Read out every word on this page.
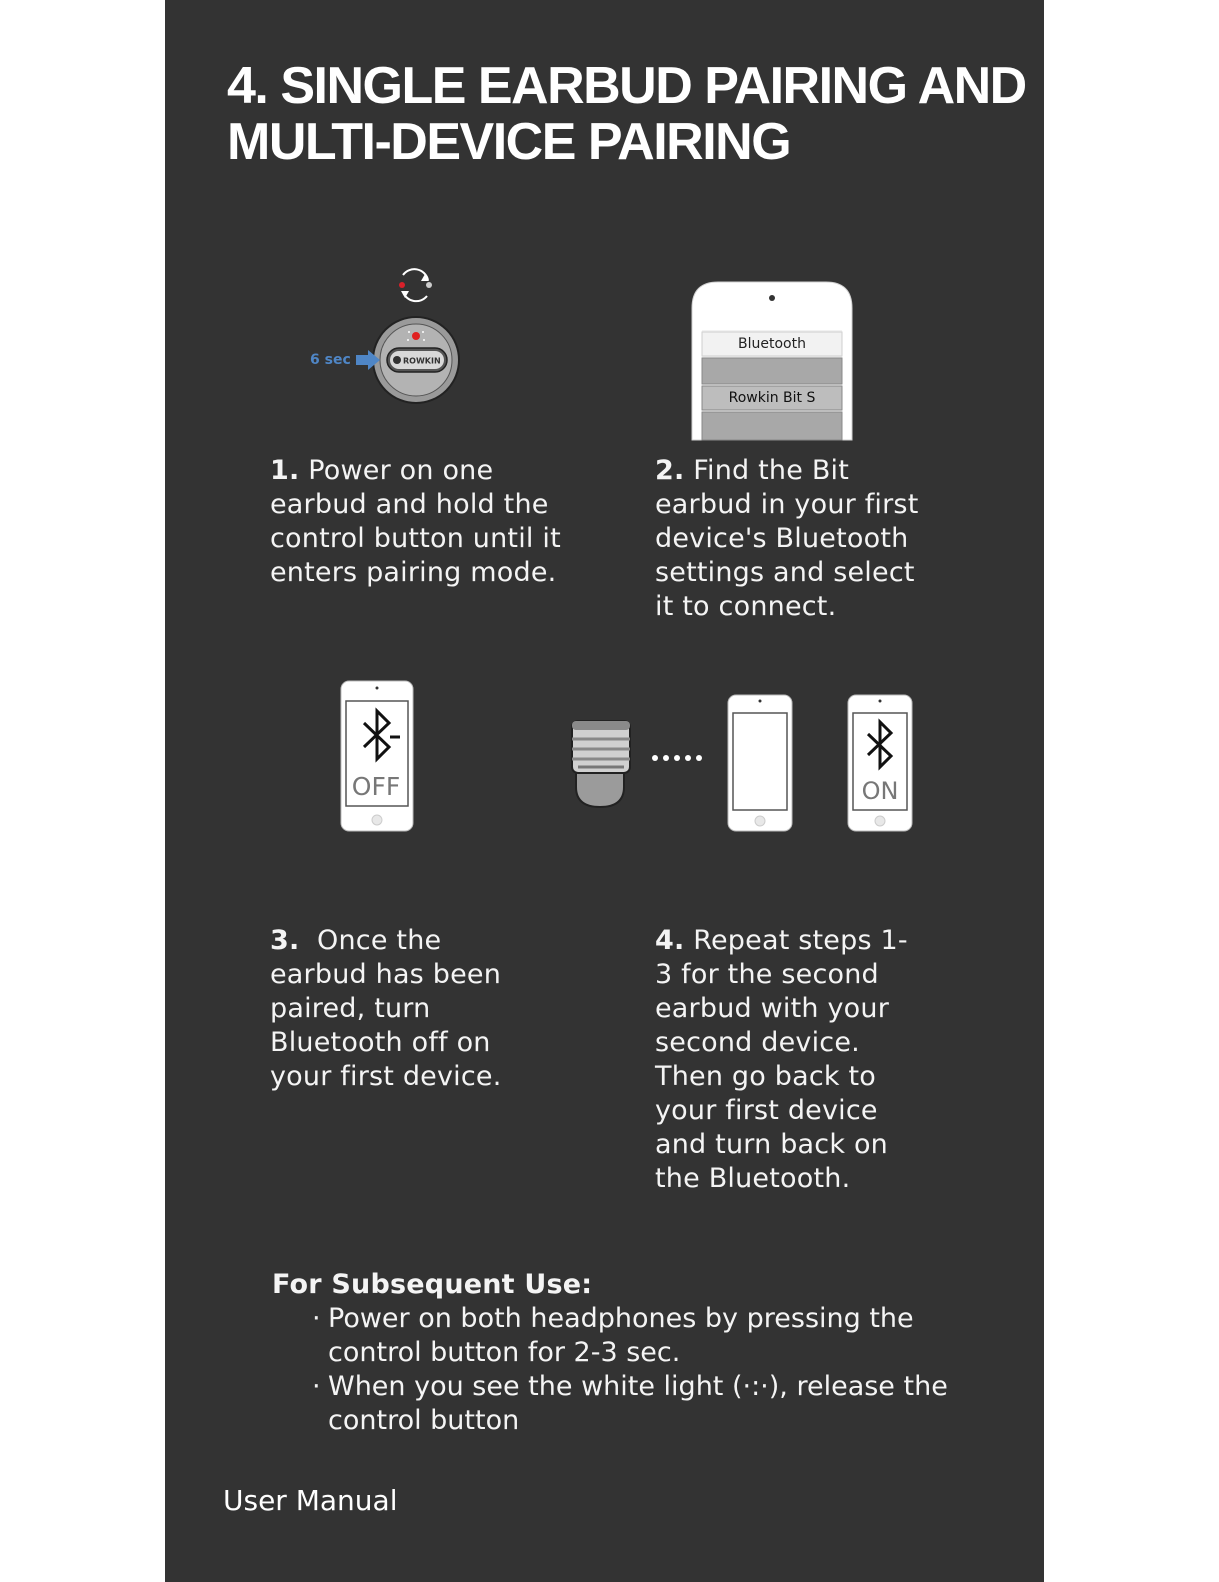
4. SINGLE EARBUD PAIRING AND MULTI-DEVICE PAIRING
ROWKIN
6 sec
Bluetooth
Rowkin Bit S
OFF	ON
1. Power on one earbud and hold the control button until it enters pairing mode.
2. Find the Bit earbud in your first device's Bluetooth settings and select it to connect.
3.  Once the earbud has been paired, turn Bluetooth off on your first device.
4. Repeat steps 1-3 for the second earbud with your second device. Then go back to your first device and turn back on the Bluetooth.
For Subsequent Use:
· Power on both headphones by pressing the control button for 2-3 sec.
· When you see the white light (·:·), release the control button
User Manual
